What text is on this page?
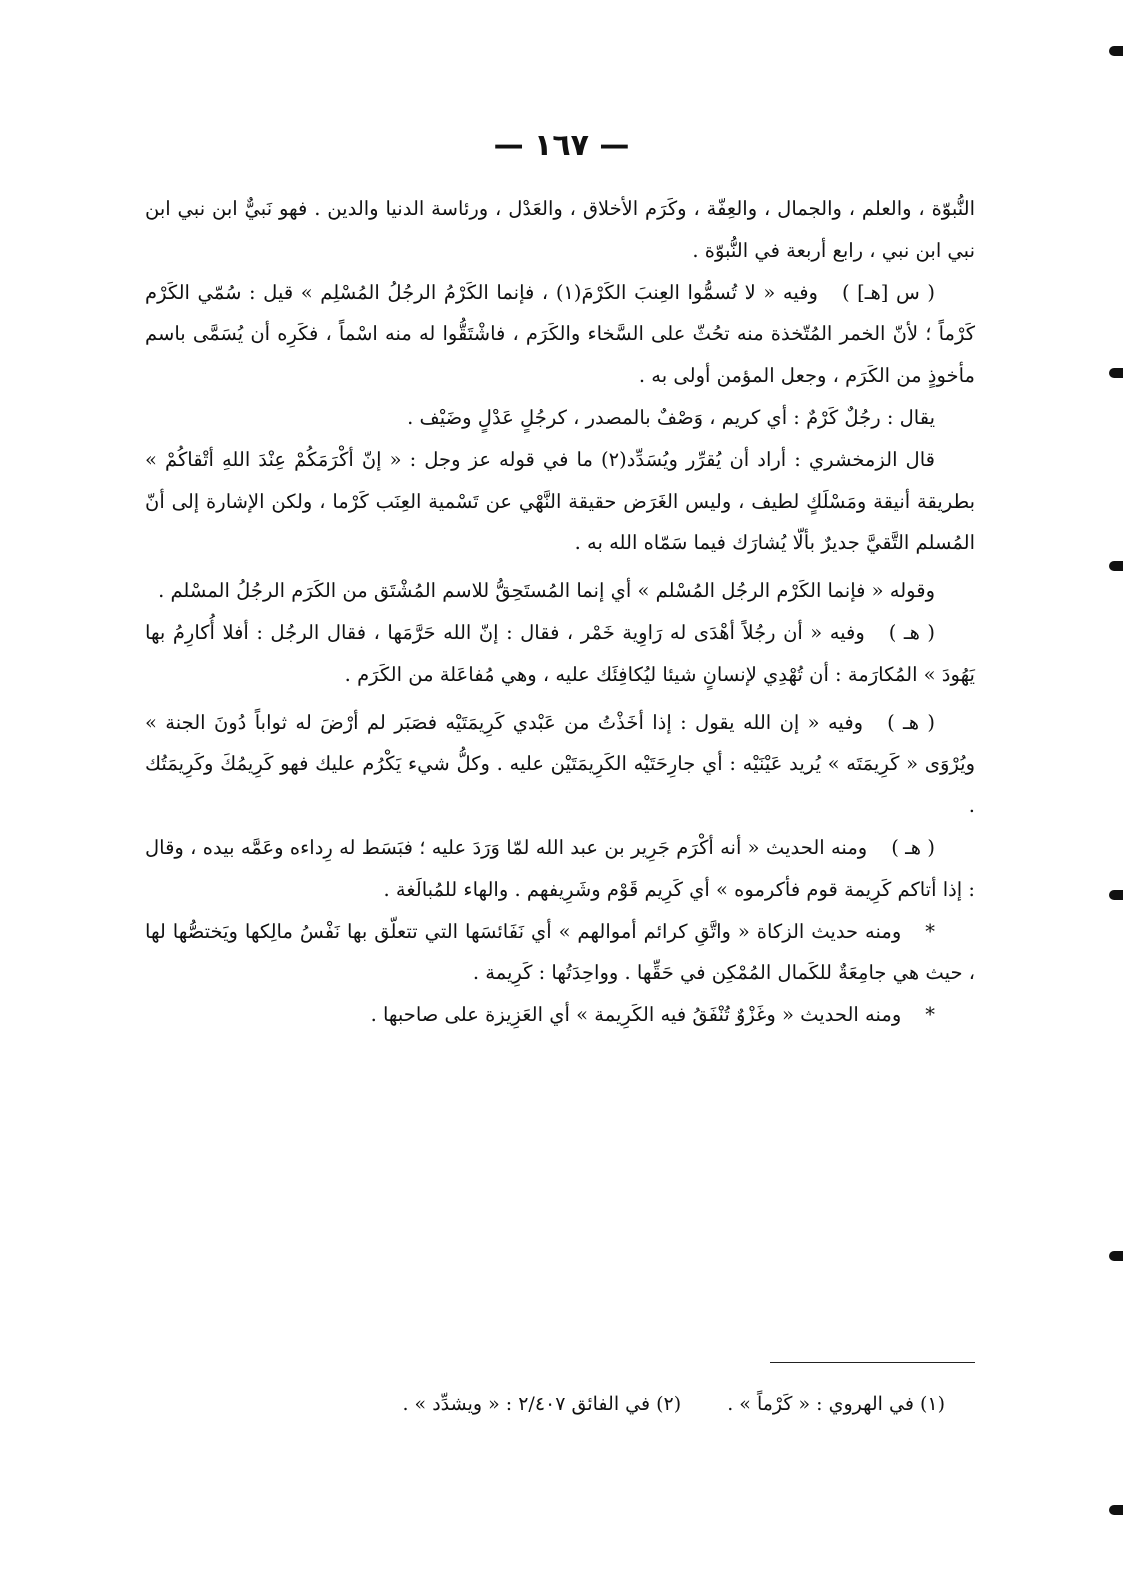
— ١٦٧ —

النُّبوّة ، والعلم ، والجمال ، والعِفّة ، وكَرَم الأخلاق ، والعَدْل ، ورئاسة الدنيا والدين . فهو نَبيٌّ ابن نبي ابن نبي ابن نبي ، رابع أربعة في النُّبوّة .

( س [هـ] )وفيه « لا تُسمُّوا العِنبَ الكَرْمَ(١) ، فإنما الكَرْمُ الرجُلُ المُسْلِم » قيل : سُمّي الكَرْم كَرْماً ؛ لأنّ الخمر المُتّخذة منه تحُثّ على السَّخاء والكَرَم ، فاشْتَقُّوا له منه اسْماً ، فكَرِه أن يُسَمَّى باسم مأخوذٍ من الكَرَم ، وجعل المؤمن أولى به .

يقال : رجُلٌ كَرْمٌ : أي كريم ، وَصْفٌ بالمصدر ، كرجُلٍ عَدْلٍ وضَيْف .

قال الزمخشري : أراد أن يُقرِّر ويُسَدِّد(٢) ما في قوله عز وجل : « إنّ أكْرَمَكُمْ عِنْدَ اللهِ أتْقاكُمْ » بطريقة أنيقة ومَسْلَكٍ لطيف ، وليس الغَرَض حقيقة النَّهْي عن تَسْمية العِنَب كَرْما ، ولكن الإشارة إلى أنّ المُسلم التَّقيَّ جديرٌ بألّا يُشارَك فيما سَمّاه الله به .

وقوله « فإنما الكَرْم الرجُل المُسْلم » أي إنما المُستَحِقُّ للاسم المُشْتَق من الكَرَم الرجُلُ المسْلم .

( هـ )وفيه « أن رجُلاً أهْدَى له رَاوِية خَمْر ، فقال : إنّ الله حَرَّمَها ، فقال الرجُل : أفلا أُكارِمُ بها يَهُودَ » المُكارَمة : أن تُهْدِي لإنسانٍ شيئا ليُكافِئَك عليه ، وهي مُفاعَلة من الكَرَم .

( هـ )وفيه « إن الله يقول : إذا أخَذْتُ من عَبْدي كَرِيمَتَيْه فصَبَر لم أرْضَ له ثواباً دُونَ الجنة » ويُرْوَى « كَرِيمَتَه » يُريد عَيْنَيْه : أي جارِحَتَيْه الكَرِيمَتَيْن عليه . وكلُّ شيء يَكْرُم عليك فهو كَرِيمُكَ وكَرِيمَتُك .

( هـ )ومنه الحديث « أنه أكْرَم جَرِير بن عبد الله لمّا وَرَدَ عليه ؛ فبَسَط له رِداءه وعَمَّه بيده ، وقال : إذا أتاكم كَرِيمة قوم فأكرموه » أي كَرِيم قَوْم وشَرِيفهم . والهاء للمُبالَغة .

*ومنه حديث الزكاة « واتَّقِ كرائم أموالهم » أي نَفَائسَها التي تتعلّق بها نَفْسُ مالِكها ويَختصُّها لها ، حيث هي جامِعَةٌ للكَمال المُمْكِن في حَقِّها . وواحِدَتُها : كَرِيمة .

*ومنه الحديث « وغَزْوٌ تُنْفَقُ فيه الكَرِيمة » أي العَزِيزة على صاحبها .

(١) في الهروي : « كَرْماً » . (٢) في الفائق ٢/٤٠٧ : « ويشدِّد » .
